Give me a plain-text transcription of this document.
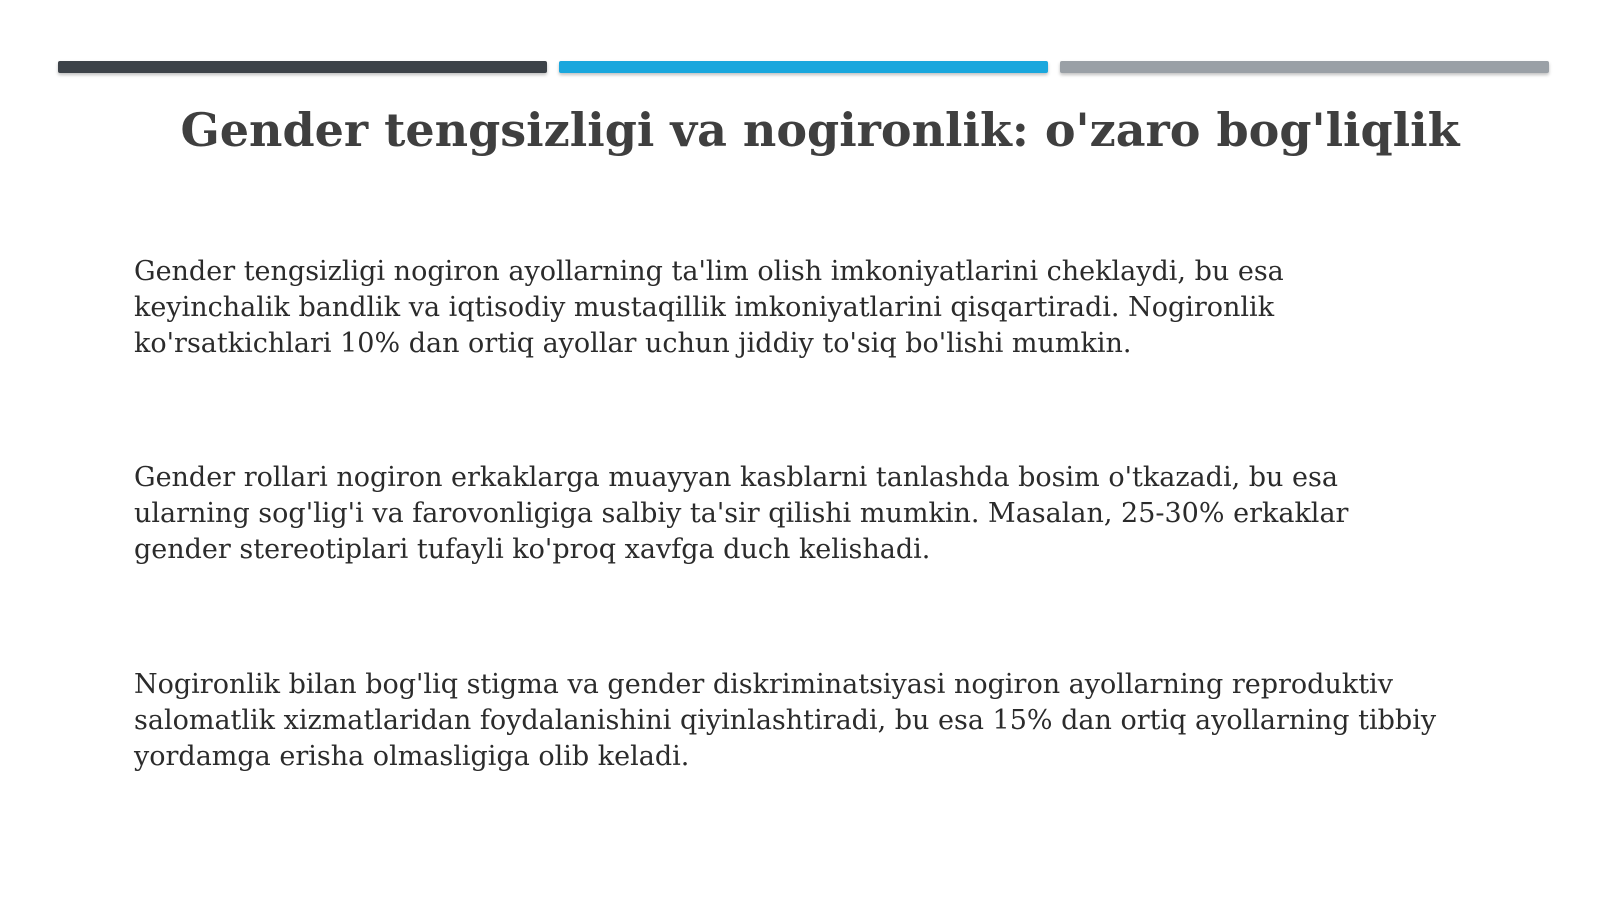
Gender tengsizligi va nogironlik: o'zaro bog'liqlik

Gender tengsizligi nogiron ayollarning ta'lim olish imkoniyatlarini cheklaydi, bu esa
keyinchalik bandlik va iqtisodiy mustaqillik imkoniyatlarini qisqartiradi. Nogironlik
ko'rsatkichlari 10% dan ortiq ayollar uchun jiddiy to'siq bo'lishi mumkin.

Gender rollari nogiron erkaklarga muayyan kasblarni tanlashda bosim o'tkazadi, bu esa
ularning sog'lig'i va farovonligiga salbiy ta'sir qilishi mumkin. Masalan, 25-30% erkaklar
gender stereotiplari tufayli ko'proq xavfga duch kelishadi.

Nogironlik bilan bog'liq stigma va gender diskriminatsiyasi nogiron ayollarning reproduktiv
salomatlik xizmatlaridan foydalanishini qiyinlashtiradi, bu esa 15% dan ortiq ayollarning tibbiy
yordamga erisha olmasligiga olib keladi.
